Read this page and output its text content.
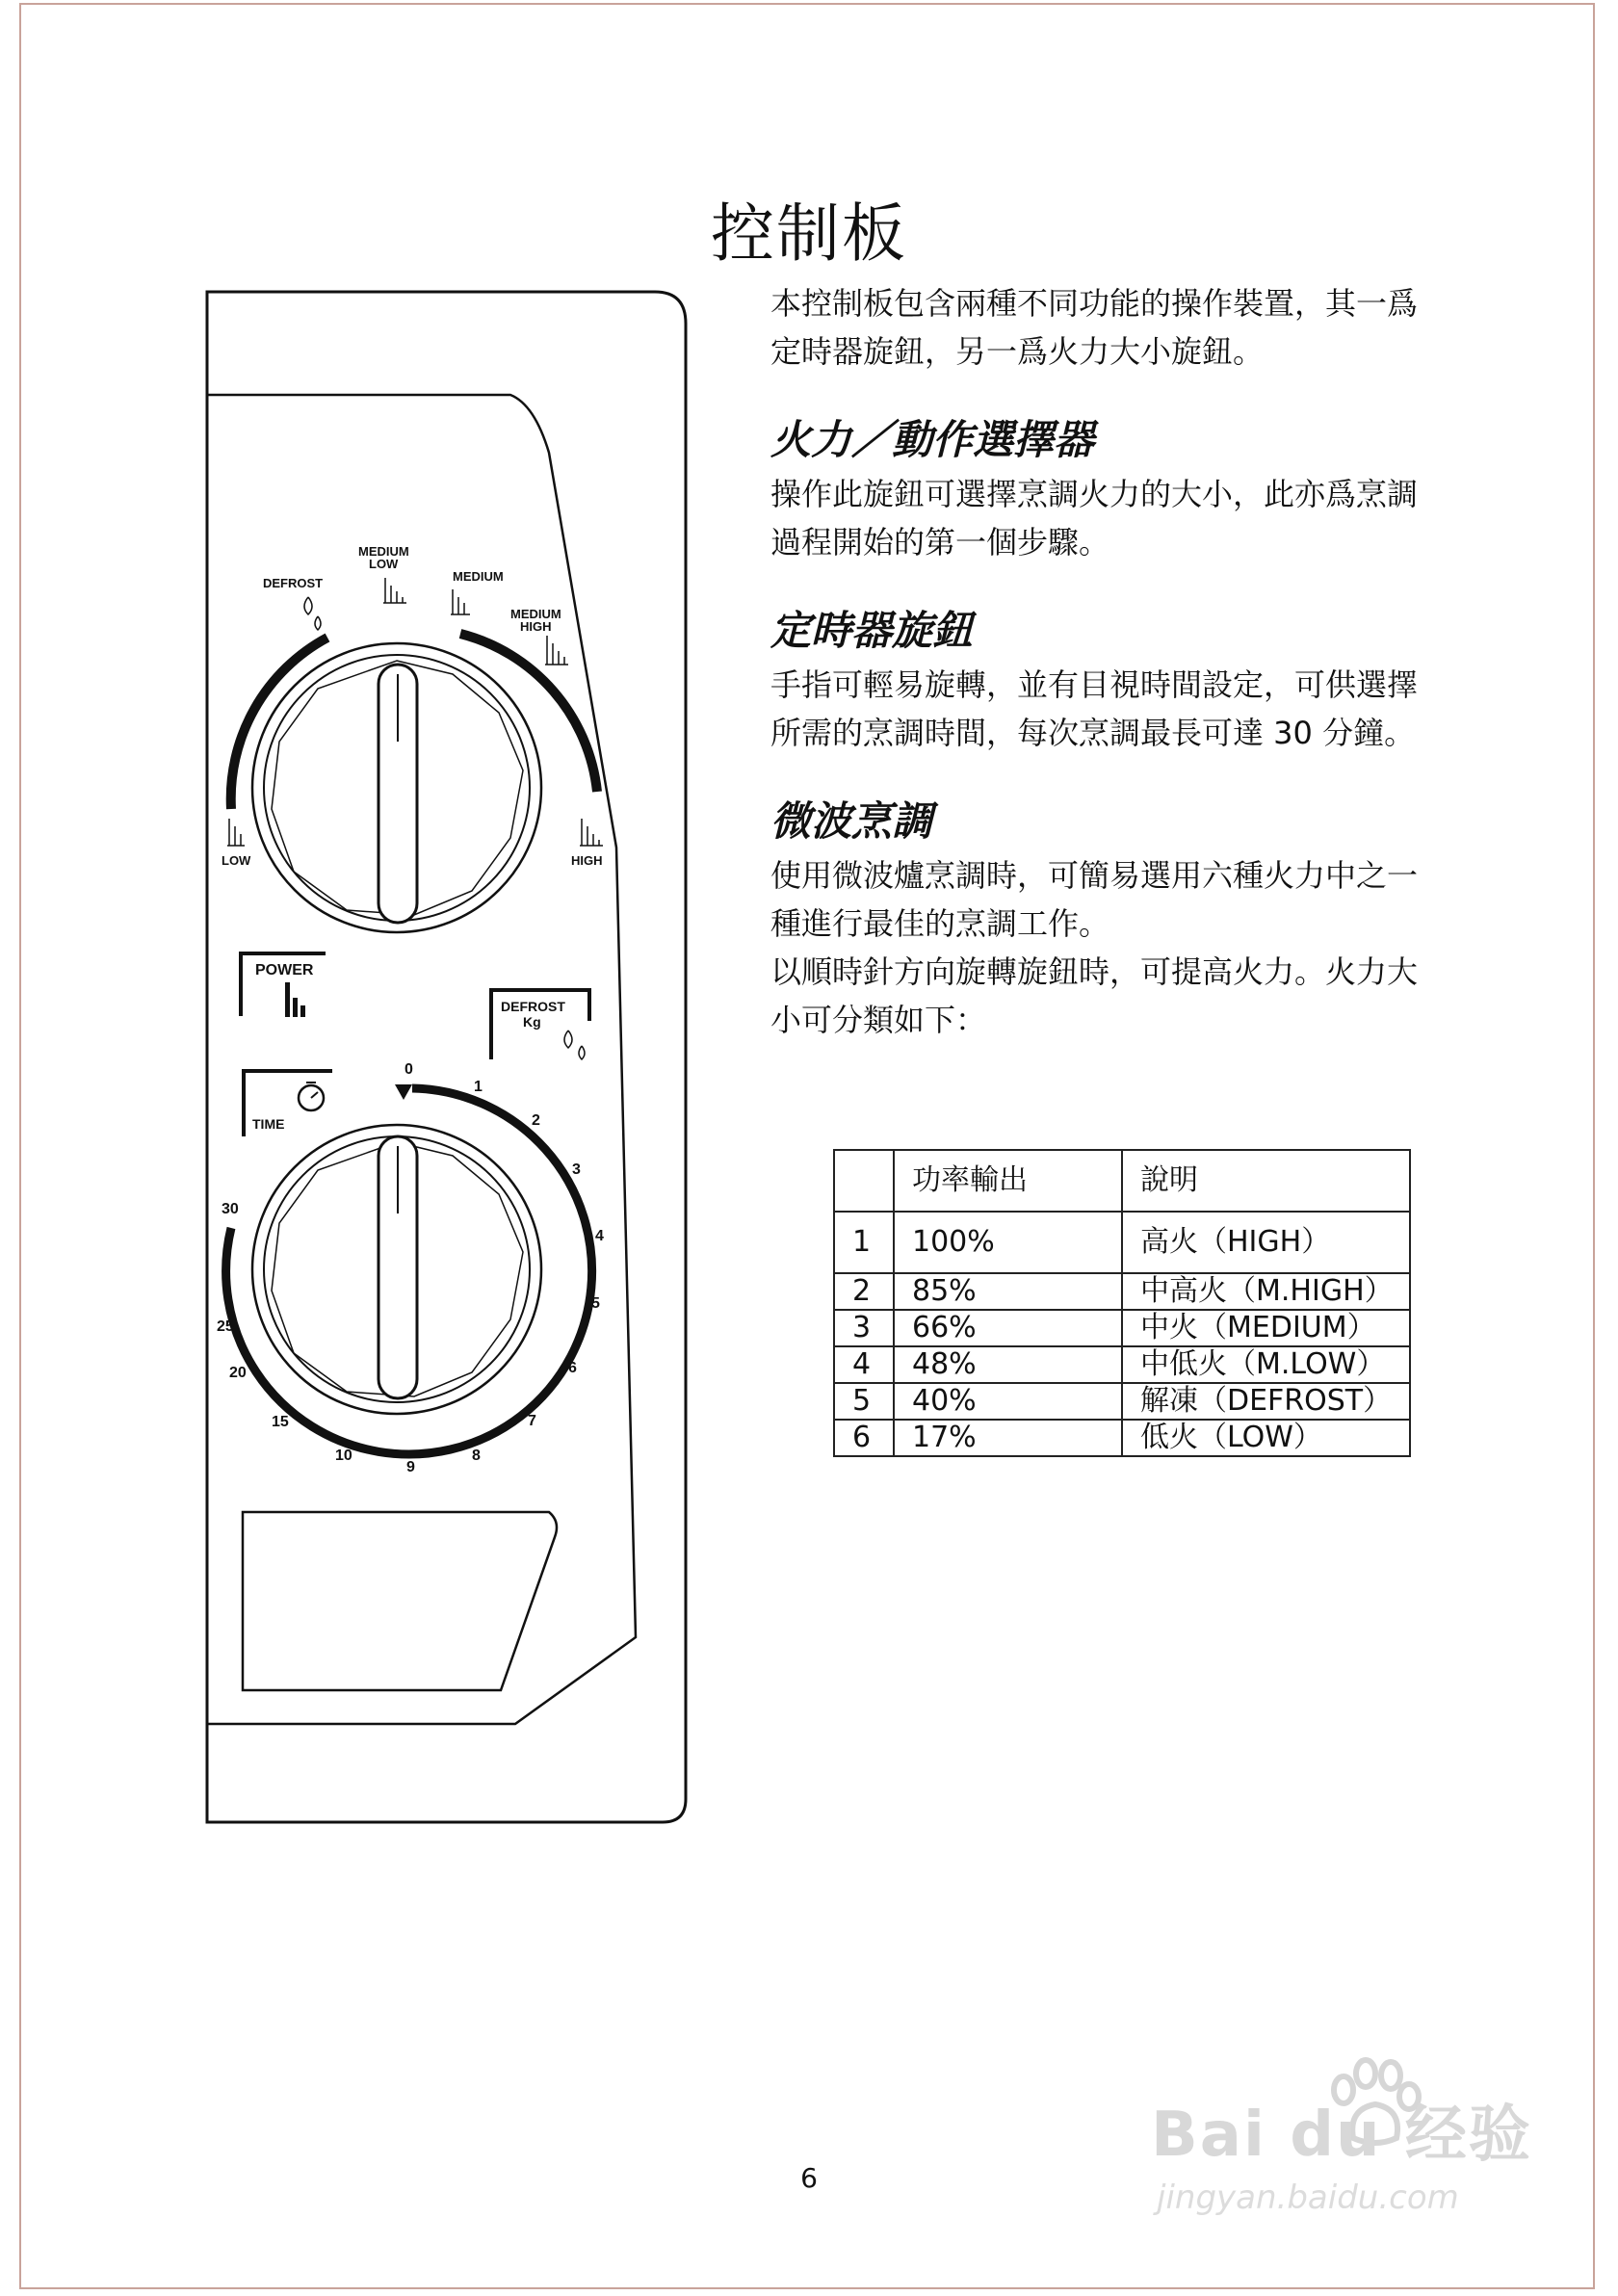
控制板
DEFROST
MEDIUM
LOW
MEDIUM
MEDIUM
HIGH
LOW	HIGH
POWER
DEFROST
Kg
TIME
0
1
2
3
4
5
6
7
8
9
10
15
20
25
30

本控制板包含兩種不同功能的操作裝置，其一爲

定時器旋鈕，另一爲火力大小旋鈕。

火力／動作選擇器

操作此旋鈕可選擇烹調火力的大小，此亦爲烹調

過程開始的第一個步驟。

定時器旋鈕

手指可輕易旋轉，並有目視時間設定，可供選擇

所需的烹調時間，每次烹調最長可達 30 分鐘。

微波烹調

使用微波爐烹調時，可簡易選用六種火力中之一

種進行最佳的烹調工作。

以順時針方向旋轉旋鈕時，可提高火力。火力大

小可分類如下：

	功率輸出	說明
1	100%	高火（HIGH）
2	85%	中高火（M.HIGH）
3	66%	中火（MEDIUM）
4	48%	中低火（M.LOW）
5	40%	解凍（DEFROST）
6	17%	低火（LOW）
6
Bai du 经验
jingyan.baidu.com
